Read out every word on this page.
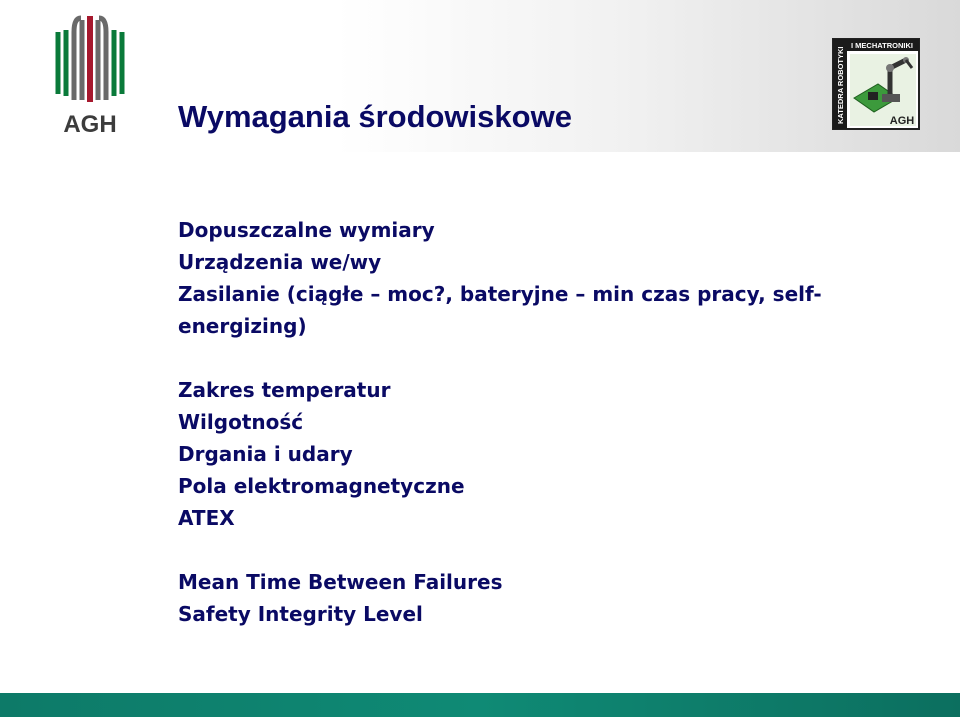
AGH
I MECHATRONIKI
KATEDRA ROBOTYKI	AGH
Wymagania środowiskowe
Dopuszczalne wymiary
Urządzenia we/wy
Zasilanie (ciągłe – moc?, bateryjne – min czas pracy, self-
energizing)
Zakres temperatur
Wilgotność
Drgania i udary
Pola elektromagnetyczne
ATEX
Mean Time Between Failures
Safety Integrity Level
